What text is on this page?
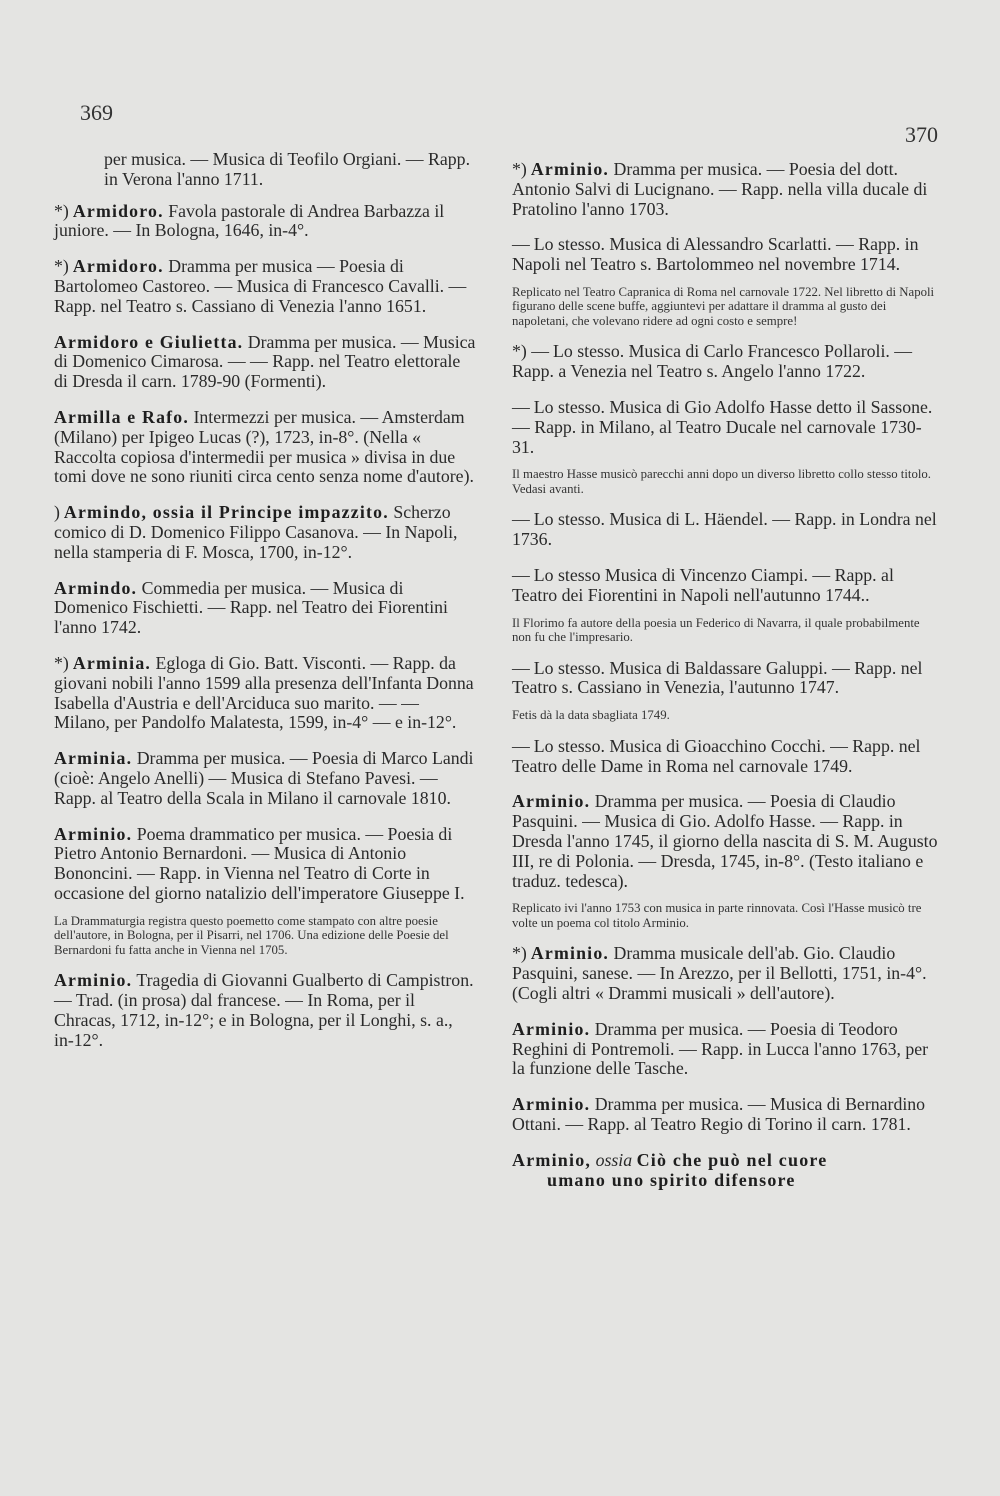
369
370
per musica. — Musica di Teofilo Orgiani. — Rapp. in Verona l'anno 1711.
*) Armidoro. Favola pastorale di Andrea Barbazza il juniore. — In Bologna, 1646, in-4°.
*) Armidoro. Dramma per musica — Poesia di Bartolomeo Castoreo. — Musica di Francesco Cavalli. — Rapp. nel Teatro s. Cassiano di Venezia l'anno 1651.
Armidoro e Giulietta. Dramma per musica. — Musica di Domenico Cimarosa. — — Rapp. nel Teatro elettorale di Dresda il carn. 1789-90 (Formenti).
Armilla e Rafo. Intermezzi per musica. — Amsterdam (Milano) per Ipigeo Lucas (?), 1723, in-8°. (Nella « Raccolta copiosa d'intermedii per musica » divisa in due tomi dove ne sono riuniti circa cento senza nome d'autore).
) Armindo, ossia il Principe impazzito. Scherzo comico di D. Domenico Filippo Casanova. — In Napoli, nella stamperia di F. Mosca, 1700, in-12°.
Armindo. Commedia per musica. — Musica di Domenico Fischietti. — Rapp. nel Teatro dei Fiorentini l'anno 1742.
*) Arminia. Egloga di Gio. Batt. Visconti. — Rapp. da giovani nobili l'anno 1599 alla presenza dell'Infanta Donna Isabella d'Austria e dell'Arciduca suo marito. — — Milano, per Pandolfo Malatesta, 1599, in-4° — e in-12°.
Arminia. Dramma per musica. — Poesia di Marco Landi (cioè: Angelo Anelli) — Musica di Stefano Pavesi. — Rapp. al Teatro della Scala in Milano il carnovale 1810.
Arminio. Poema drammatico per musica. — Poesia di Pietro Antonio Bernardoni. — Musica di Antonio Bononcini. — Rapp. in Vienna nel Teatro di Corte in occasione del giorno natalizio dell'imperatore Giuseppe I.
La Drammaturgia registra questo poemetto come stampato con altre poesie dell'autore, in Bologna, per il Pisarri, nel 1706. Una edizione delle Poesie del Bernardoni fu fatta anche in Vienna nel 1705.
Arminio. Tragedia di Giovanni Gualberto di Campistron. — Trad. (in prosa) dal francese. — In Roma, per il Chracas, 1712, in-12°; e in Bologna, per il Longhi, s. a., in-12°.
*) Arminio. Dramma per musica. — Poesia del dott. Antonio Salvi di Lucignano. — Rapp. nella villa ducale di Pratolino l'anno 1703.
— Lo stesso. Musica di Alessandro Scarlatti. — Rapp. in Napoli nel Teatro s. Bartolommeo nel novembre 1714.
Replicato nel Teatro Capranica di Roma nel carnovale 1722. Nel libretto di Napoli figurano delle scene buffe, aggiuntevi per adattare il dramma al gusto dei napoletani, che volevano ridere ad ogni costo e sempre!
*) — Lo stesso. Musica di Carlo Francesco Pollaroli. — Rapp. a Venezia nel Teatro s. Angelo l'anno 1722.
— Lo stesso. Musica di Gio Adolfo Hasse detto il Sassone. — Rapp. in Milano, al Teatro Ducale nel carnovale 1730-31.
Il maestro Hasse musicò parecchi anni dopo un diverso libretto collo stesso titolo. Vedasi avanti.
— Lo stesso. Musica di L. Häendel. — Rapp. in Londra nel 1736.
— Lo stesso Musica di Vincenzo Ciampi. — Rapp. al Teatro dei Fiorentini in Napoli nell'autunno 1744..
Il Florimo fa autore della poesia un Federico di Navarra, il quale probabilmente non fu che l'impresario.
— Lo stesso. Musica di Baldassare Galuppi. — Rapp. nel Teatro s. Cassiano in Venezia, l'autunno 1747.
Fetis dà la data sbagliata 1749.
— Lo stesso. Musica di Gioacchino Cocchi. — Rapp. nel Teatro delle Dame in Roma nel carnovale 1749.
Arminio. Dramma per musica. — Poesia di Claudio Pasquini. — Musica di Gio. Adolfo Hasse. — Rapp. in Dresda l'anno 1745, il giorno della nascita di S. M. Augusto III, re di Polonia. — Dresda, 1745, in-8°. (Testo italiano e traduz. tedesca).
Replicato ivi l'anno 1753 con musica in parte rinnovata. Così l'Hasse musicò tre volte un poema col titolo Arminio.
*) Arminio. Dramma musicale dell'ab. Gio. Claudio Pasquini, sanese. — In Arezzo, per il Bellotti, 1751, in-4°. (Cogli altri « Drammi musicali » dell'autore).
Arminio. Dramma per musica. — Poesia di Teodoro Reghini di Pontremoli. — Rapp. in Lucca l'anno 1763, per la funzione delle Tasche.
Arminio. Dramma per musica. — Musica di Bernardino Ottani. — Rapp. al Teatro Regio di Torino il carn. 1781.
Arminio, ossia Ciò che può nel cuore
umano uno spirito difensore
